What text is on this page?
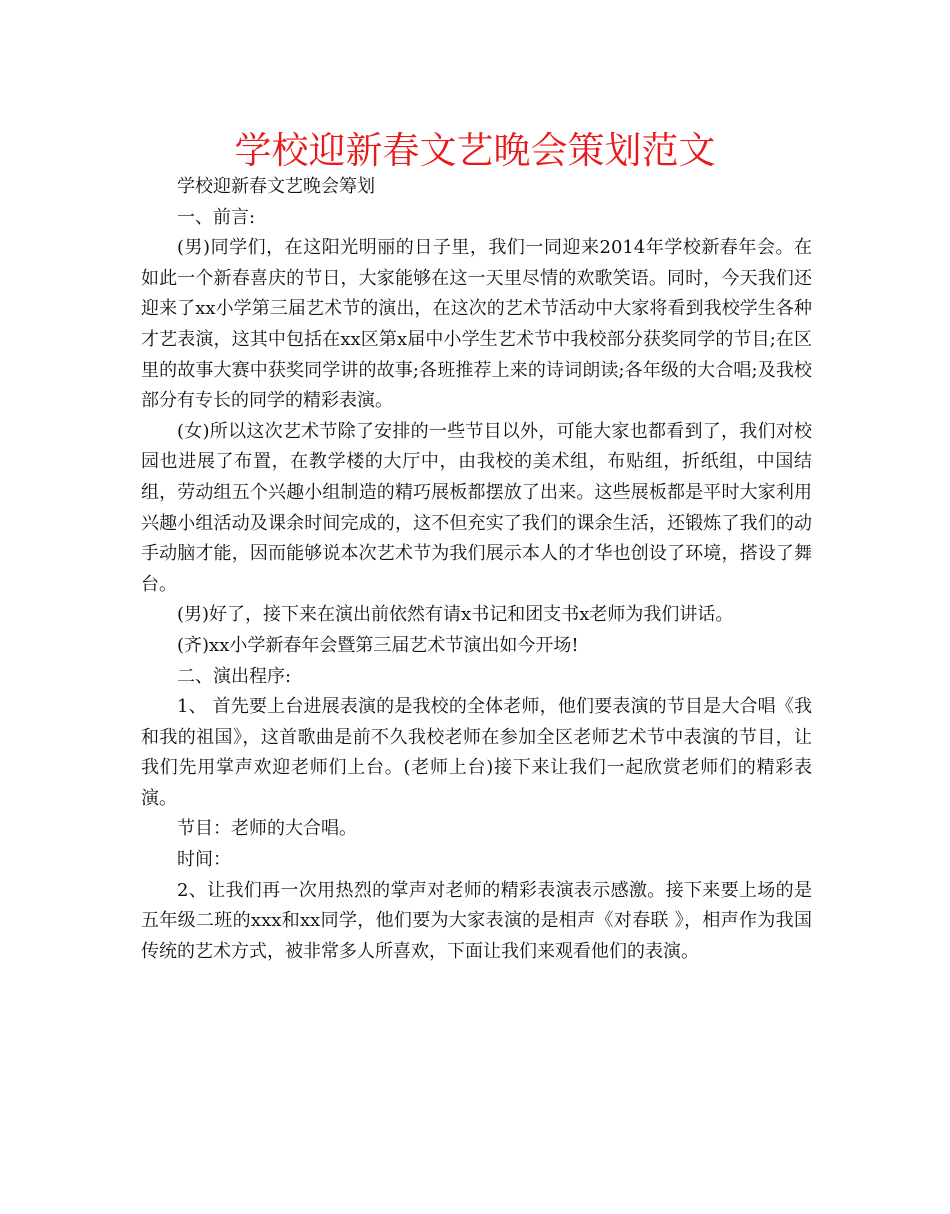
学校迎新春文艺晚会策划范文

学校迎新春文艺晚会筹划

一、前言:

(男)同学们，在这阳光明丽的日子里，我们一同迎来2014年学校新春年会。在如此一个新春喜庆的节日，大家能够在这一天里尽情的欢歌笑语。同时，今天我们还迎来了xx小学第三届艺术节的演出，在这次的艺术节活动中大家将看到我校学生各种才艺表演，这其中包括在xx区第x届中小学生艺术节中我校部分获奖同学的节目;在区里的故事大赛中获奖同学讲的故事;各班推荐上来的诗词朗读;各年级的大合唱;及我校部分有专长的同学的精彩表演。

(女)所以这次艺术节除了安排的一些节目以外，可能大家也都看到了，我们对校园也进展了布置，在教学楼的大厅中，由我校的美术组，布贴组，折纸组，中国结组，劳动组五个兴趣小组制造的精巧展板都摆放了出来。这些展板都是平时大家利用兴趣小组活动及课余时间完成的，这不但充实了我们的课余生活，还锻炼了我们的动手动脑才能，因而能够说本次艺术节为我们展示本人的才华也创设了环境，搭设了舞台。

(男)好了，接下来在演出前依然有请x书记和团支书x老师为我们讲话。

(齐)xx小学新春年会暨第三届艺术节演出如今开场!

二、演出程序:

1、 首先要上台进展表演的是我校的全体老师，他们要表演的节目是大合唱《我和我的祖国》，这首歌曲是前不久我校老师在参加全区老师艺术节中表演的节目，让我们先用掌声欢迎老师们上台。(老师上台)接下来让我们一起欣赏老师们的精彩表演。

节目：老师的大合唱。

时间：

2、让我们再一次用热烈的掌声对老师的精彩表演表示感激。接下来要上场的是五年级二班的xxx和xx同学，他们要为大家表演的是相声《对春联 》，相声作为我国传统的艺术方式，被非常多人所喜欢，下面让我们来观看他们的表演。
